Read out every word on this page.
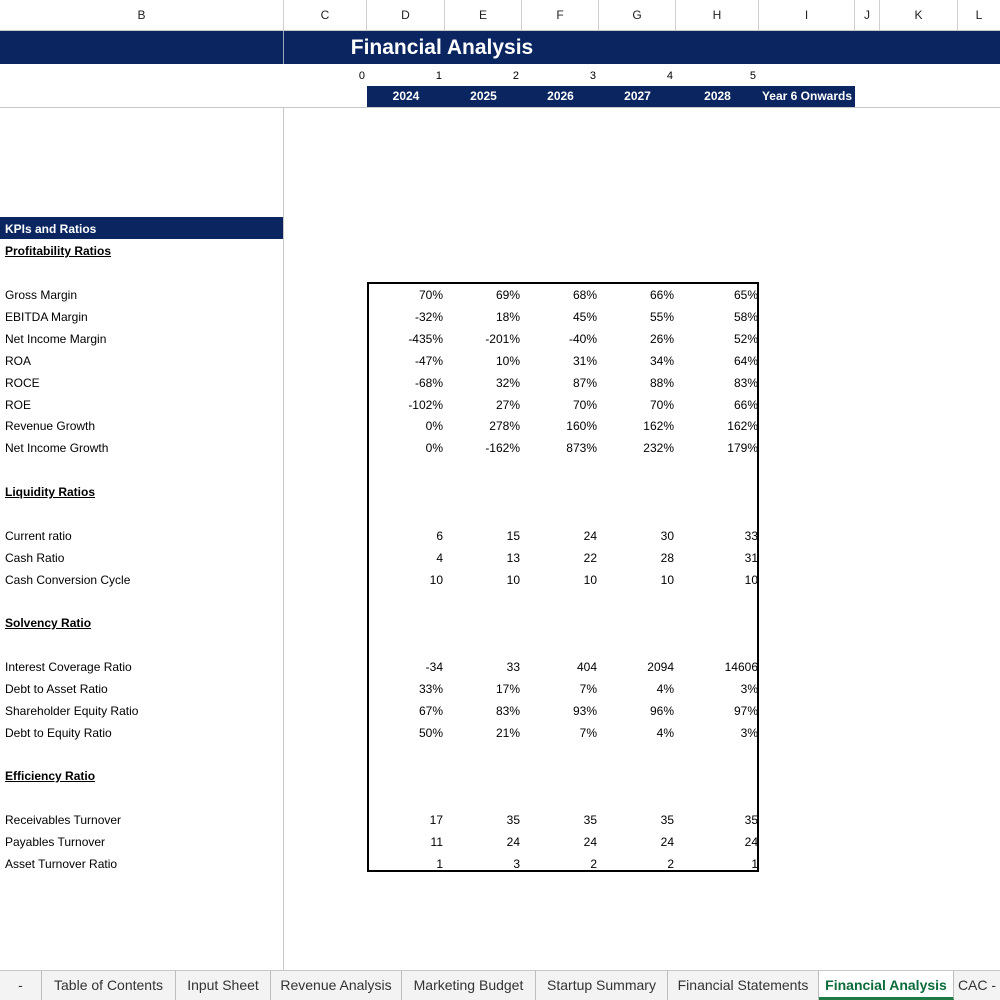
B	C	D	E	F	G	H	I	J	K	L
Financial Analysis
0	1	2	3	4	5
2024	2025	2026	2027	2028	Year 6 Onwards
KPIs and Ratios
Profitability Ratios
Liquidity Ratios
Solvency Ratio
Efficiency Ratio
Gross Margin	70%	69%	68%	66%	65%
EBITDA Margin	-32%	18%	45%	55%	58%
Net Income Margin	-435%	-201%	-40%	26%	52%
ROA	-47%	10%	31%	34%	64%
ROCE	-68%	32%	87%	88%	83%
ROE	-102%	27%	70%	70%	66%
Revenue Growth	0%	278%	160%	162%	162%
Net Income Growth	0%	-162%	873%	232%	179%
Current ratio	6	15	24	30	33
Cash Ratio	4	13	22	28	31
Cash Conversion Cycle	10	10	10	10	10
Interest Coverage Ratio	-34	33	404	2094	14606
Debt to Asset Ratio	33%	17%	7%	4%	3%
Shareholder Equity Ratio	67%	83%	93%	96%	97%
Debt to Equity Ratio	50%	21%	7%	4%	3%
Receivables Turnover	17	35	35	35	35
Payables Turnover	11	24	24	24	24
Asset Turnover Ratio	1	3	2	2	1
-	Table of Contents	Input Sheet	Revenue Analysis	Marketing Budget	Startup Summary	Financial Statements	Financial Analysis CAC -
